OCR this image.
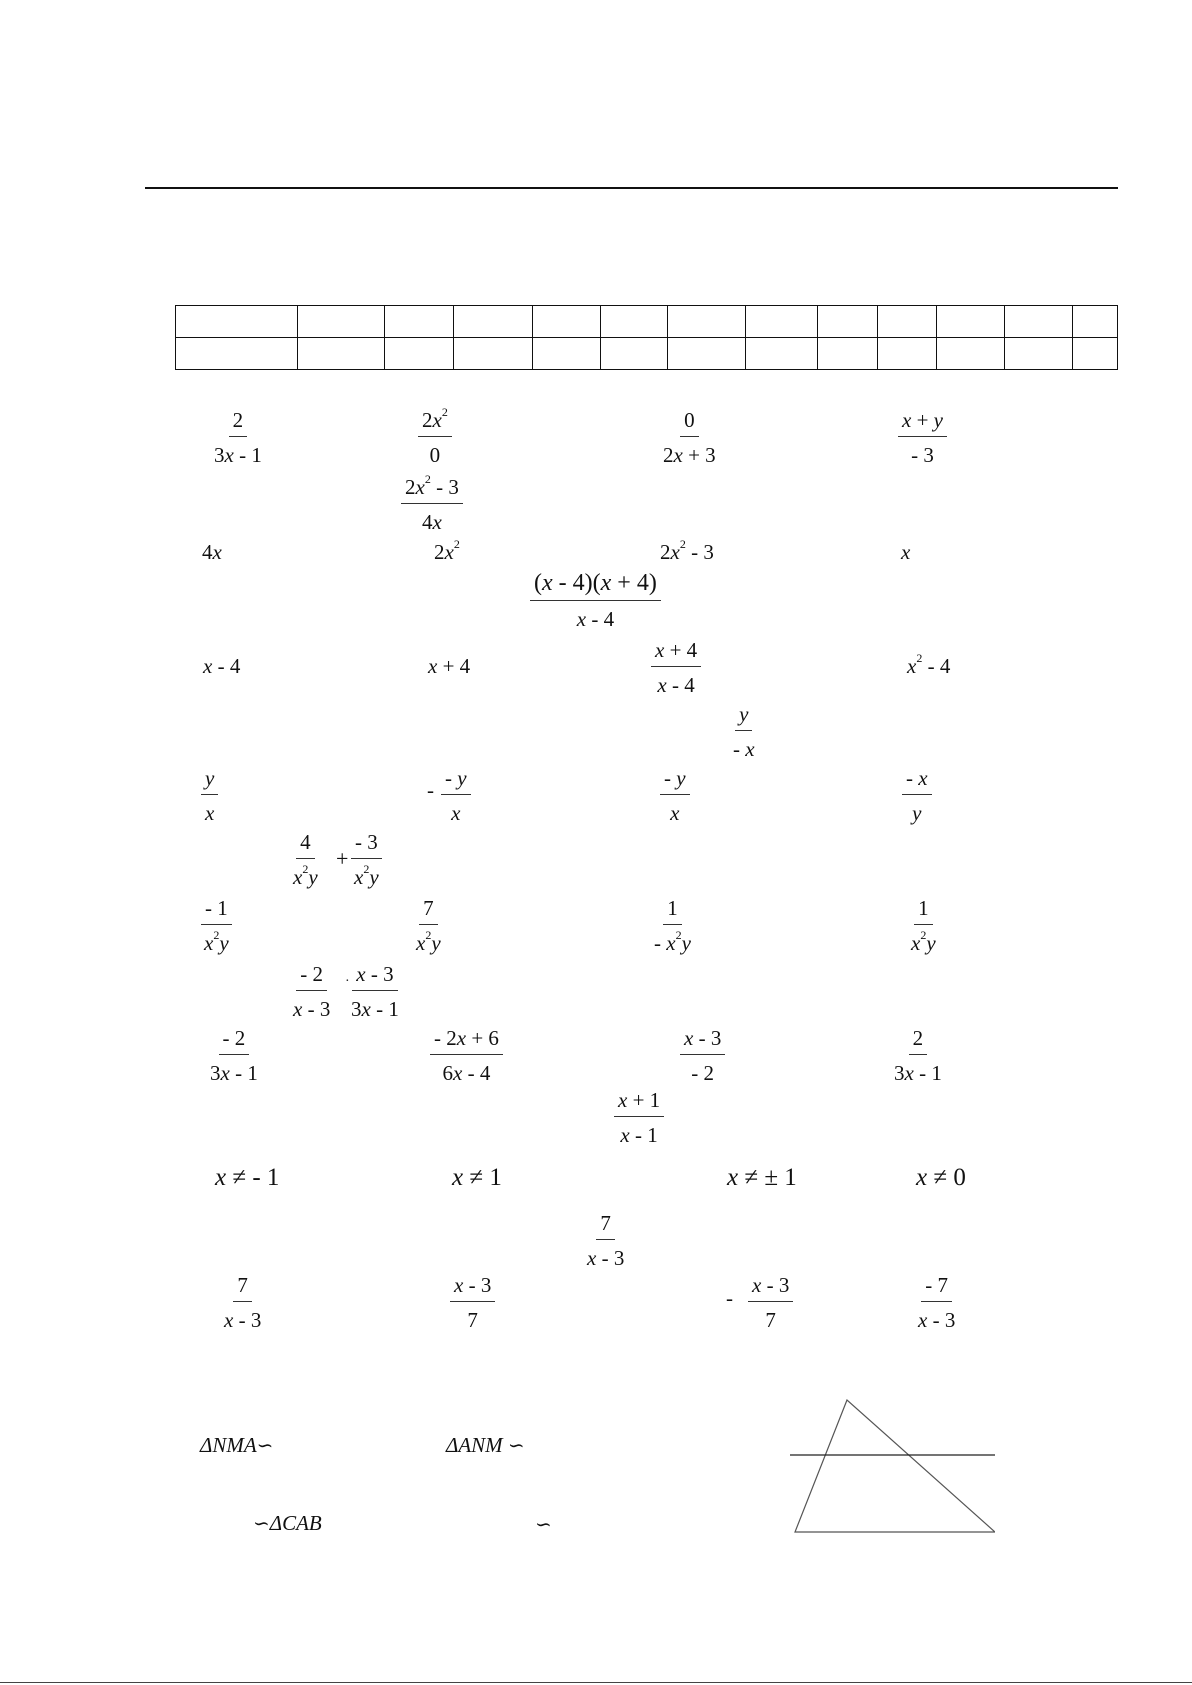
$\frac{2}{3x - 1}$	$\frac{2x^2}{0}$	$\frac{0}{2x + 3}$	$\frac{x + y}{- 3}$
$\frac{2x^2 - 3}{4x}$
4x	$2x^2$	$2x^2 - 3$	x
$\frac{(x - 4)(x + 4)}{x - 4}$
x - 4	x + 4	$\frac{x + 4}{x - 4}$	$x^2 - 4$
$\frac{y}{- x}$
$\frac{y}{x}$	- $\frac{- y}{x}$	$\frac{- y}{x}$	$\frac{- x}{y}$
$\frac{4}{x^2y} + \frac{- 3}{x^2y}$
$\frac{- 1}{x^2y}$	$\frac{7}{x^2y}$	$\frac{1}{- x^2y}$	$\frac{1}{x^2y}$
$\frac{- 2}{x - 3}$ ·
$\frac{x - 3}{3x - 1}$
$\frac{- 2}{3x - 1}$	$\frac{- 2x + 6}{6x - 4}$	$\frac{x - 3}{- 2}$	$\frac{2}{3x - 1}$
$\frac{x + 1}{x - 1}$
x ≠ - 1	x ≠ 1	x ≠ ± 1	x ≠ 0
$\frac{7}{x - 3}$
$\frac{7}{x - 3}$	$\frac{x - 3}{7}$	- $\frac{x - 3}{7}$	$\frac{- 7}{x - 3}$
ΔNMA∽	ΔANM ∽
∽ΔCAB	∽
